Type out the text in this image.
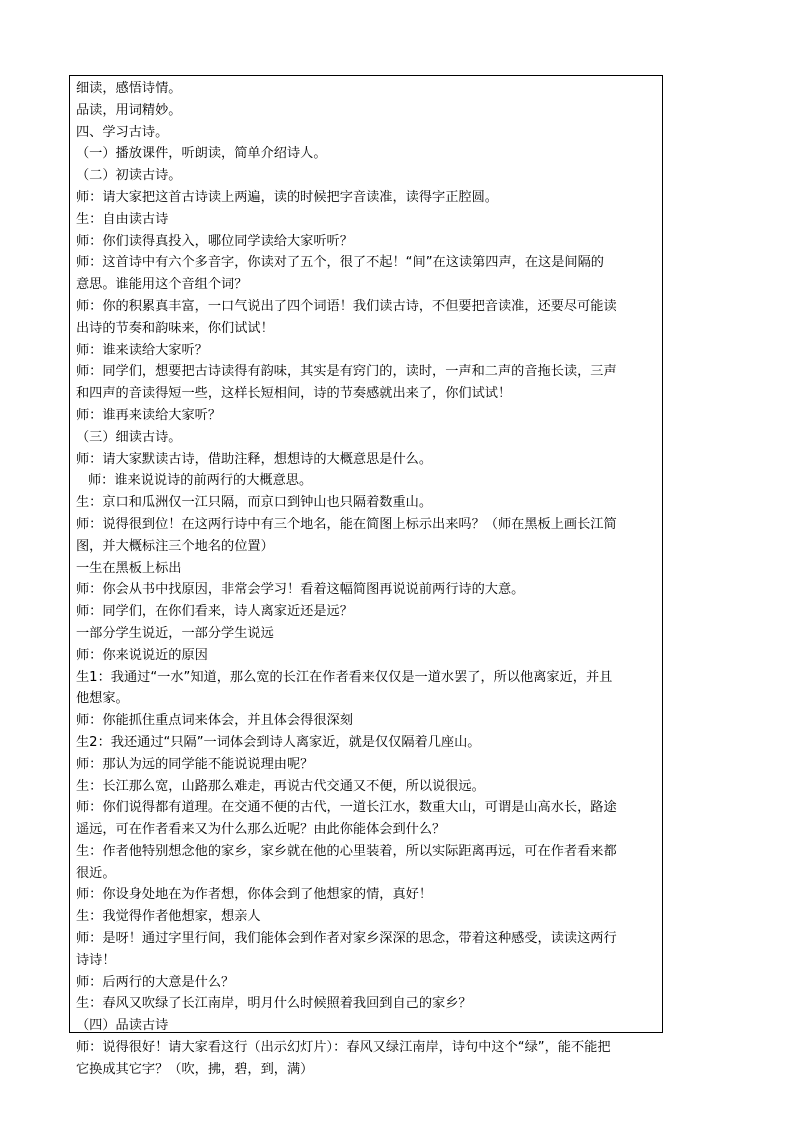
细读，感悟诗情。
品读，用词精妙。
四、学习古诗。
（一）播放课件，听朗读，简单介绍诗人。
（二）初读古诗。
师：请大家把这首古诗读上两遍，读的时候把字音读准，读得字正腔圆。
生：自由读古诗
师：你们读得真投入，哪位同学读给大家听听？
师：这首诗中有六个多音字，你读对了五个，很了不起！“间”在这读第四声，在这是间隔的
意思。谁能用这个音组个词？
师：你的积累真丰富，一口气说出了四个词语！我们读古诗，不但要把音读准，还要尽可能读
出诗的节奏和韵味来，你们试试！
师：谁来读给大家听？
师：同学们，想要把古诗读得有韵味，其实是有窍门的，读时，一声和二声的音拖长读，三声
和四声的音读得短一些，这样长短相间，诗的节奏感就出来了，你们试试！
师：谁再来读给大家听？
（三）细读古诗。
师：请大家默读古诗，借助注释，想想诗的大概意思是什么。
师：谁来说说诗的前两行的大概意思。
生：京口和瓜洲仅一江只隔，而京口到钟山也只隔着数重山。
师：说得很到位！在这两行诗中有三个地名，能在简图上标示出来吗？（师在黑板上画长江简
图，并大概标注三个地名的位置）
一生在黑板上标出
师：你会从书中找原因，非常会学习！看着这幅简图再说说前两行诗的大意。
师：同学们，在你们看来，诗人离家近还是远？
一部分学生说近，一部分学生说远
师：你来说说近的原因
生1：我通过“一水”知道，那么宽的长江在作者看来仅仅是一道水罢了，所以他离家近，并且
他想家。
师：你能抓住重点词来体会，并且体会得很深刻
生2：我还通过“只隔”一词体会到诗人离家近，就是仅仅隔着几座山。
师：那认为远的同学能不能说说理由呢？
生：长江那么宽，山路那么难走，再说古代交通又不便，所以说很远。
师：你们说得都有道理。在交通不便的古代，一道长江水，数重大山，可谓是山高水长，路途
遥远，可在作者看来又为什么那么近呢？由此你能体会到什么？
生：作者他特别想念他的家乡，家乡就在他的心里装着，所以实际距离再远，可在作者看来都
很近。
师：你设身处地在为作者想，你体会到了他想家的情，真好！
生：我觉得作者他想家，想亲人
师：是呀！通过字里行间，我们能体会到作者对家乡深深的思念，带着这种感受，读读这两行
诗诗！
师：后两行的大意是什么？
生：春风又吹绿了长江南岸，明月什么时候照着我回到自己的家乡？
（四）品读古诗
师：说得很好！请大家看这行（出示幻灯片）：春风又绿江南岸，诗句中这个“绿”，能不能把
它换成其它字？（吹，拂，碧，到，满）
